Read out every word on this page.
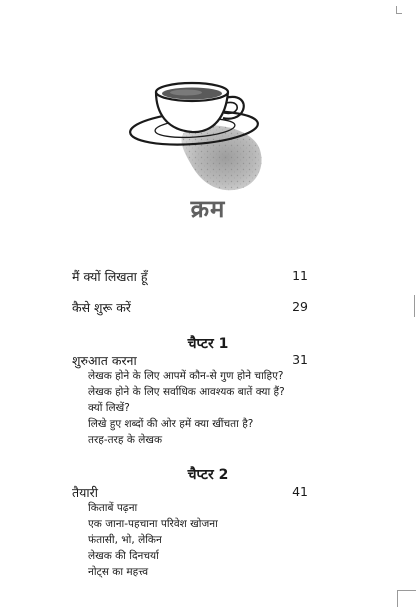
क्रम
मैं क्यों लिखता हूँ	11
कैसे शुरू करें	29
चैप्टर 1
शुरुआत करना	31
लेखक होने के लिए आपमें कौन-से गुण होने चाहिए?
लेखक होने के लिए सर्वाधिक आवश्यक बातें क्या हैं?
क्यों लिखें?
लिखे हुए शब्दों की ओर हमें क्या खींचता है?
तरह-तरह के लेखक
चैप्टर 2
तैयारी	41
किताबें पढ़ना
एक जाना-पहचाना परिवेश खोजना
फंतासी, भो, लेकिन
लेखक की दिनचर्या
नोट्स का महत्त्व
